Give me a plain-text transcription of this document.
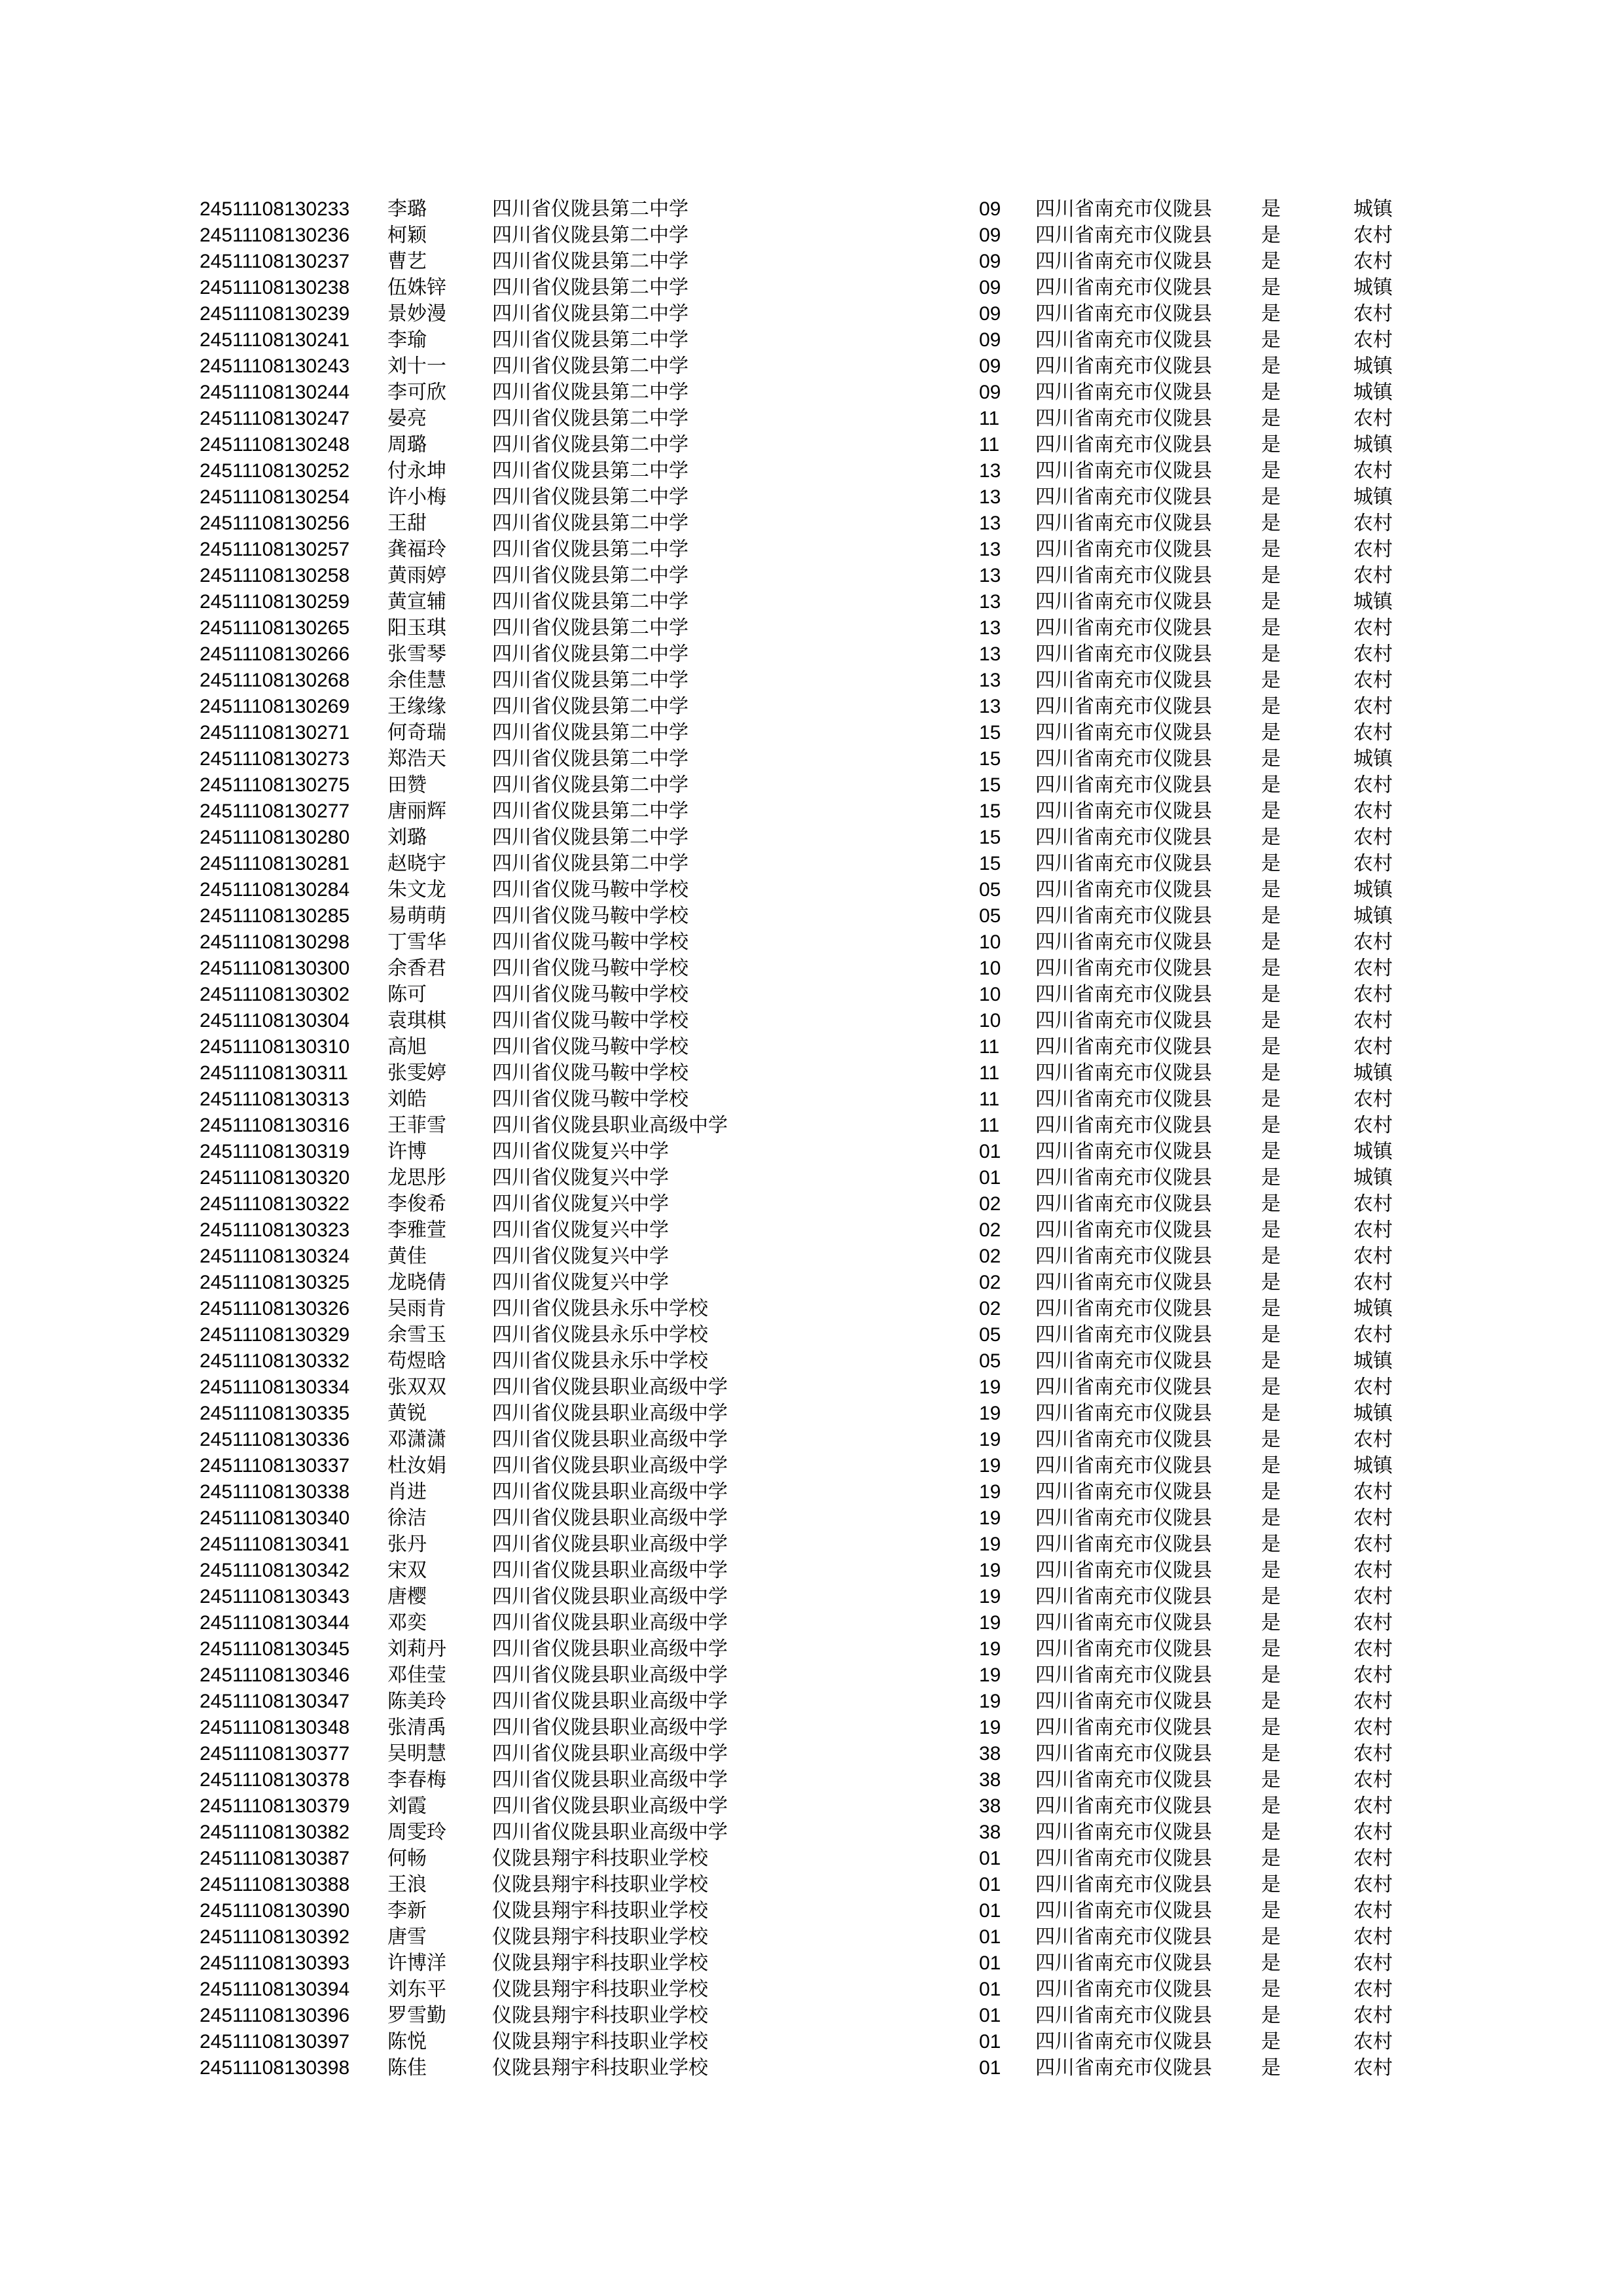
24511108130233 李璐	四川省仪陇县第二中学	09 四川省南充市仪陇县	是	城镇
24511108130236 柯颖	四川省仪陇县第二中学	09 四川省南充市仪陇县	是	农村
24511108130237 曹艺	四川省仪陇县第二中学	09 四川省南充市仪陇县	是	农村
24511108130238 伍姝锌 四川省仪陇县第二中学	09 四川省南充市仪陇县	是	城镇
24511108130239 景妙漫 四川省仪陇县第二中学	09 四川省南充市仪陇县	是	农村
24511108130241 李瑜	四川省仪陇县第二中学	09 四川省南充市仪陇县	是	农村
24511108130243 刘十一 四川省仪陇县第二中学	09 四川省南充市仪陇县	是	城镇
24511108130244 李可欣 四川省仪陇县第二中学	09 四川省南充市仪陇县	是	城镇
24511108130247 晏亮	四川省仪陇县第二中学	11 四川省南充市仪陇县	是	农村
24511108130248 周璐	四川省仪陇县第二中学	11 四川省南充市仪陇县	是	城镇
24511108130252 付永坤 四川省仪陇县第二中学	13 四川省南充市仪陇县	是	农村
24511108130254 许小梅 四川省仪陇县第二中学	13 四川省南充市仪陇县	是	城镇
24511108130256 王甜	四川省仪陇县第二中学	13 四川省南充市仪陇县	是	农村
24511108130257 龚福玲 四川省仪陇县第二中学	13 四川省南充市仪陇县	是	农村
24511108130258 黄雨婷 四川省仪陇县第二中学	13 四川省南充市仪陇县	是	农村
24511108130259 黄宣辅 四川省仪陇县第二中学	13 四川省南充市仪陇县	是	城镇
24511108130265 阳玉琪 四川省仪陇县第二中学	13 四川省南充市仪陇县	是	农村
24511108130266 张雪琴 四川省仪陇县第二中学	13 四川省南充市仪陇县	是	农村
24511108130268 余佳慧 四川省仪陇县第二中学	13 四川省南充市仪陇县	是	农村
24511108130269 王缘缘 四川省仪陇县第二中学	13 四川省南充市仪陇县	是	农村
24511108130271 何奇瑞 四川省仪陇县第二中学	15 四川省南充市仪陇县	是	农村
24511108130273 郑浩天 四川省仪陇县第二中学	15 四川省南充市仪陇县	是	城镇
24511108130275 田赞	四川省仪陇县第二中学	15 四川省南充市仪陇县	是	农村
24511108130277 唐丽辉 四川省仪陇县第二中学	15 四川省南充市仪陇县	是	农村
24511108130280 刘璐	四川省仪陇县第二中学	15 四川省南充市仪陇县	是	农村
24511108130281 赵晓宇 四川省仪陇县第二中学	15 四川省南充市仪陇县	是	农村
24511108130284 朱文龙 四川省仪陇马鞍中学校	05 四川省南充市仪陇县	是	城镇
24511108130285 易萌萌 四川省仪陇马鞍中学校	05 四川省南充市仪陇县	是	城镇
24511108130298 丁雪华 四川省仪陇马鞍中学校	10 四川省南充市仪陇县	是	农村
24511108130300 余香君 四川省仪陇马鞍中学校	10 四川省南充市仪陇县	是	农村
24511108130302 陈可	四川省仪陇马鞍中学校	10 四川省南充市仪陇县	是	农村
24511108130304 袁琪棋 四川省仪陇马鞍中学校	10 四川省南充市仪陇县	是	农村
24511108130310 高旭	四川省仪陇马鞍中学校	11 四川省南充市仪陇县	是	农村
24511108130311 张雯婷 四川省仪陇马鞍中学校	11 四川省南充市仪陇县	是	城镇
24511108130313 刘皓	四川省仪陇马鞍中学校	11 四川省南充市仪陇县	是	农村
24511108130316 王菲雪 四川省仪陇县职业高级中学	11 四川省南充市仪陇县	是	农村
24511108130319 许博	四川省仪陇复兴中学	01 四川省南充市仪陇县	是	城镇
24511108130320 龙思彤 四川省仪陇复兴中学	01 四川省南充市仪陇县	是	城镇
24511108130322 李俊希 四川省仪陇复兴中学	02 四川省南充市仪陇县	是	农村
24511108130323 李雅萱 四川省仪陇复兴中学	02 四川省南充市仪陇县	是	农村
24511108130324 黄佳	四川省仪陇复兴中学	02 四川省南充市仪陇县	是	农村
24511108130325 龙晓倩 四川省仪陇复兴中学	02 四川省南充市仪陇县	是	农村
24511108130326 吴雨肯 四川省仪陇县永乐中学校	02 四川省南充市仪陇县	是	城镇
24511108130329 余雪玉 四川省仪陇县永乐中学校	05 四川省南充市仪陇县	是	农村
24511108130332 苟煜晗 四川省仪陇县永乐中学校	05 四川省南充市仪陇县	是	城镇
24511108130334 张双双 四川省仪陇县职业高级中学	19 四川省南充市仪陇县	是	农村
24511108130335 黄锐	四川省仪陇县职业高级中学	19 四川省南充市仪陇县	是	城镇
24511108130336 邓潇潇 四川省仪陇县职业高级中学	19 四川省南充市仪陇县	是	农村
24511108130337 杜汝娟 四川省仪陇县职业高级中学	19 四川省南充市仪陇县	是	城镇
24511108130338 肖进	四川省仪陇县职业高级中学	19 四川省南充市仪陇县	是	农村
24511108130340 徐洁	四川省仪陇县职业高级中学	19 四川省南充市仪陇县	是	农村
24511108130341 张丹	四川省仪陇县职业高级中学	19 四川省南充市仪陇县	是	农村
24511108130342 宋双	四川省仪陇县职业高级中学	19 四川省南充市仪陇县	是	农村
24511108130343 唐樱	四川省仪陇县职业高级中学	19 四川省南充市仪陇县	是	农村
24511108130344 邓奕	四川省仪陇县职业高级中学	19 四川省南充市仪陇县	是	农村
24511108130345 刘莉丹 四川省仪陇县职业高级中学	19 四川省南充市仪陇县	是	农村
24511108130346 邓佳莹 四川省仪陇县职业高级中学	19 四川省南充市仪陇县	是	农村
24511108130347 陈美玲 四川省仪陇县职业高级中学	19 四川省南充市仪陇县	是	农村
24511108130348 张清禹 四川省仪陇县职业高级中学	19 四川省南充市仪陇县	是	农村
24511108130377 吴明慧 四川省仪陇县职业高级中学	38 四川省南充市仪陇县	是	农村
24511108130378 李春梅 四川省仪陇县职业高级中学	38 四川省南充市仪陇县	是	农村
24511108130379 刘霞	四川省仪陇县职业高级中学	38 四川省南充市仪陇县	是	农村
24511108130382 周雯玲 四川省仪陇县职业高级中学	38 四川省南充市仪陇县	是	农村
24511108130387 何畅	仪陇县翔宇科技职业学校	01 四川省南充市仪陇县	是	农村
24511108130388 王浪	仪陇县翔宇科技职业学校	01 四川省南充市仪陇县	是	农村
24511108130390 李新	仪陇县翔宇科技职业学校	01 四川省南充市仪陇县	是	农村
24511108130392 唐雪	仪陇县翔宇科技职业学校	01 四川省南充市仪陇县	是	农村
24511108130393 许博洋 仪陇县翔宇科技职业学校	01 四川省南充市仪陇县	是	农村
24511108130394 刘东平 仪陇县翔宇科技职业学校	01 四川省南充市仪陇县	是	农村
24511108130396 罗雪勤 仪陇县翔宇科技职业学校	01 四川省南充市仪陇县	是	农村
24511108130397 陈悦	仪陇县翔宇科技职业学校	01 四川省南充市仪陇县	是	农村
24511108130398 陈佳	仪陇县翔宇科技职业学校	01 四川省南充市仪陇县	是	农村
